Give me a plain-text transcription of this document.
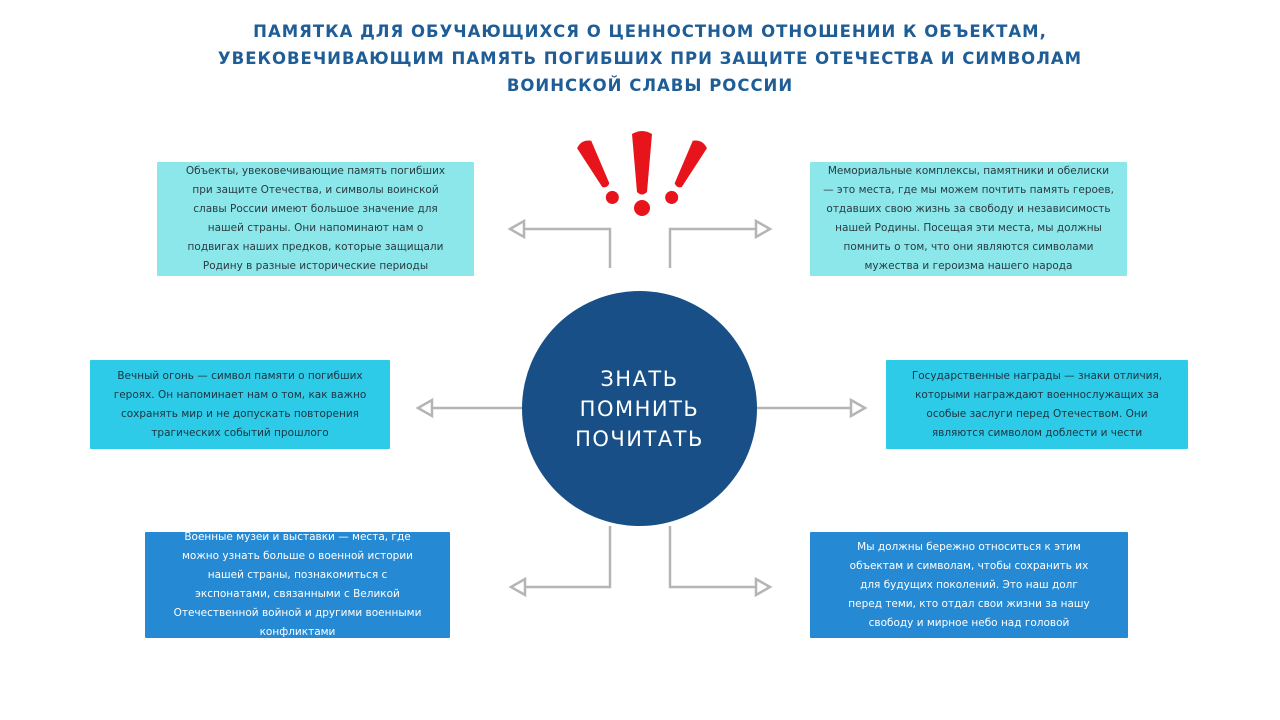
ПАМЯТКА ДЛЯ ОБУЧАЮЩИХСЯ О ЦЕННОСТНОМ ОТНОШЕНИИ К ОБЪЕКТАМ,
УВЕКОВЕЧИВАЮЩИМ ПАМЯТЬ ПОГИБШИХ ПРИ ЗАЩИТЕ ОТЕЧЕСТВА И СИМВОЛАМ
ВОИНСКОЙ СЛАВЫ РОССИИ
Объекты, увековечивающие память погибших
при защите Отечества, и символы воинской
славы России имеют большое значение для
нашей страны. Они напоминают нам о
подвигах наших предков, которые защищали
Родину в разные исторические периоды
Мемориальные комплексы, памятники и обелиски
— это места, где мы можем почтить память героев,
отдавших свою жизнь за свободу и независимость
нашей Родины. Посещая эти места, мы должны
помнить о том, что они являются символами
мужества и героизма нашего народа
Вечный огонь — символ памяти о погибших
героях. Он напоминает нам о том, как важно
сохранять мир и не допускать повторения
трагических событий прошлого
Государственные награды — знаки отличия,
которыми награждают военнослужащих за
особые заслуги перед Отечеством. Они
являются символом доблести и чести
Военные музеи и выставки — места, где
можно узнать больше о военной истории
нашей страны, познакомиться с
экспонатами, связанными с Великой
Отечественной войной и другими военными
конфликтами
Мы должны бережно относиться к этим
объектам и символам, чтобы сохранить их
для будущих поколений. Это наш долг
перед теми, кто отдал свои жизни за нашу
свободу и мирное небо над головой
ЗНАТЬ
ПОМНИТЬ
ПОЧИТАТЬ
